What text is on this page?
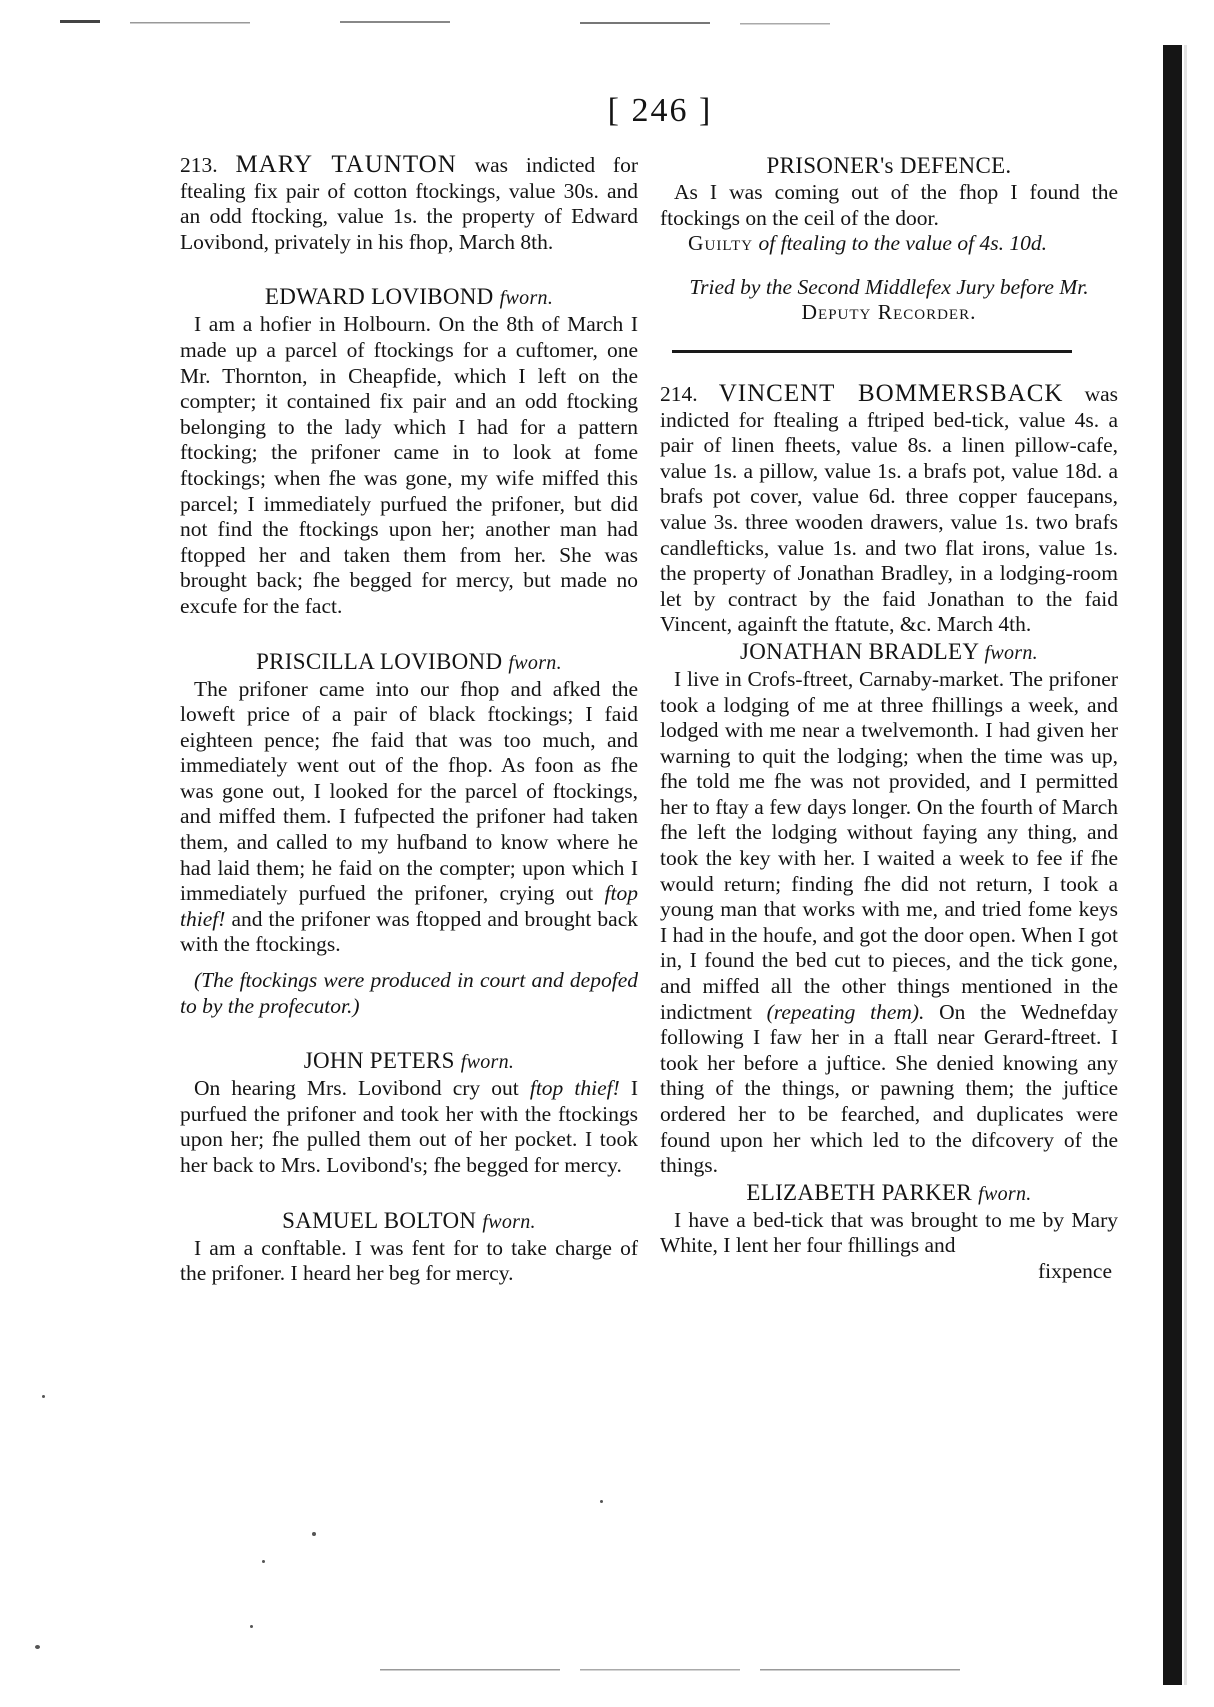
[ 246 ]

213. MARY TAUNTON was indicted for ftealing fix pair of cotton ftockings, value 30s. and an odd ftocking, value 1s. the property of Edward Lovibond, privately in his fhop, March 8th.

EDWARD LOVIBOND fworn.

I am a hofier in Holbourn. On the 8th of March I made up a parcel of ftockings for a cuftomer, one Mr. Thornton, in Cheapfide, which I left on the compter; it contained fix pair and an odd ftocking belonging to the lady which I had for a pattern ftocking; the prifoner came in to look at fome ftockings; when fhe was gone, my wife miffed this parcel; I immediately purfued the prifoner, but did not find the ftockings upon her; another man had ftopped her and taken them from her. She was brought back; fhe begged for mercy, but made no excufe for the fact.

PRISCILLA LOVIBOND fworn.

The prifoner came into our fhop and afked the loweft price of a pair of black ftockings; I faid eighteen pence; fhe faid that was too much, and immediately went out of the fhop. As foon as fhe was gone out, I looked for the parcel of ftockings, and miffed them. I fufpected the prifoner had taken them, and called to my hufband to know where he had laid them; he faid on the compter; upon which I immediately purfued the prifoner, crying out ftop thief! and the prifoner was ftopped and brought back with the ftockings.

(The ftockings were produced in court and depofed to by the profecutor.)

JOHN PETERS fworn.

On hearing Mrs. Lovibond cry out ftop thief! I purfued the prifoner and took her with the ftockings upon her; fhe pulled them out of her pocket. I took her back to Mrs. Lovibond's; fhe begged for mercy.

SAMUEL BOLTON fworn.

I am a conftable. I was fent for to take charge of the prifoner. I heard her beg for mercy.

PRISONER's DEFENCE.

As I was coming out of the fhop I found the ftockings on the ceil of the door.

Guilty of ftealing to the value of 4s. 10d.

Tried by the Second Middlefex Jury before Mr.

Deputy Recorder.

214. VINCENT BOMMERSBACK was indicted for ftealing a ftriped bed-tick, value 4s. a pair of linen fheets, value 8s. a linen pillow-cafe, value 1s. a pillow, value 1s. a brafs pot, value 18d. a brafs pot cover, value 6d. three copper faucepans, value 3s. three wooden drawers, value 1s. two brafs candlefticks, value 1s. and two flat irons, value 1s. the property of Jonathan Bradley, in a lodging-room let by contract by the faid Jonathan to the faid Vincent, againft the ftatute, &c. March 4th.

JONATHAN BRADLEY fworn.

I live in Crofs-ftreet, Carnaby-market. The prifoner took a lodging of me at three fhillings a week, and lodged with me near a twelvemonth. I had given her warning to quit the lodging; when the time was up, fhe told me fhe was not provided, and I permitted her to ftay a few days longer. On the fourth of March fhe left the lodging without faying any thing, and took the key with her. I waited a week to fee if fhe would return; finding fhe did not return, I took a young man that works with me, and tried fome keys I had in the houfe, and got the door open. When I got in, I found the bed cut to pieces, and the tick gone, and miffed all the other things mentioned in the indictment (repeating them). On the Wednefday following I faw her in a ftall near Gerard-ftreet. I took her before a juftice. She denied knowing any thing of the things, or pawning them; the juftice ordered her to be fearched, and duplicates were found upon her which led to the difcovery of the things.

ELIZABETH PARKER fworn.

I have a bed-tick that was brought to me by Mary White, I lent her four fhillings and

fixpence
